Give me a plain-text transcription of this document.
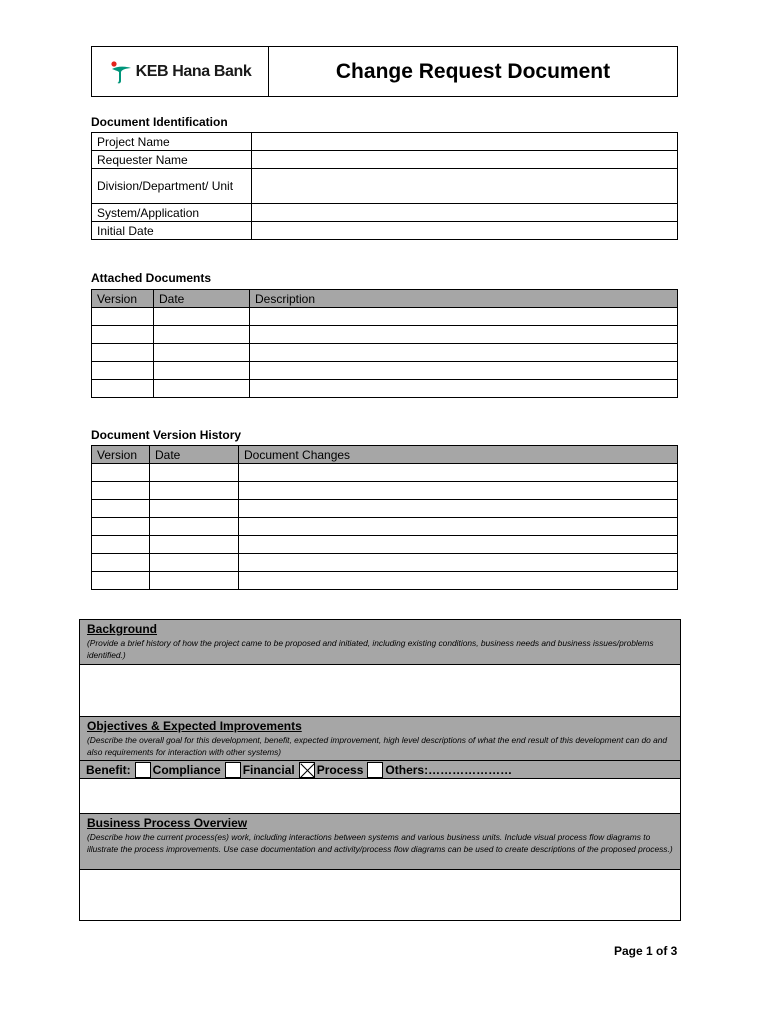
KEB Hana Bank	Change Request Document
Document Identification
Project Name	
Requester Name	
Division/Department/ Unit	
System/Application	
Initial Date	
Attached Documents
Version	Date	Description

Document Version History
Version	Date	Document Changes

Background
(Provide a brief history of how the project came to be proposed and initiated, including existing conditions, business needs and business issues/problems identified.)
Objectives & Expected Improvements
(Describe the overall goal for this development, benefit, expected improvement, high level descriptions of what the end result of this development can do and also requirements for interaction with other systems)
Benefit: Compliance Financial Process Others:…………………
Business Process Overview
(Describe how the current process(es) work, including interactions between systems and various business units. Include visual process flow diagrams to illustrate the process improvements. Use case documentation and activity/process flow diagrams can be used to create descriptions of the proposed process.)
Page 1 of 3
